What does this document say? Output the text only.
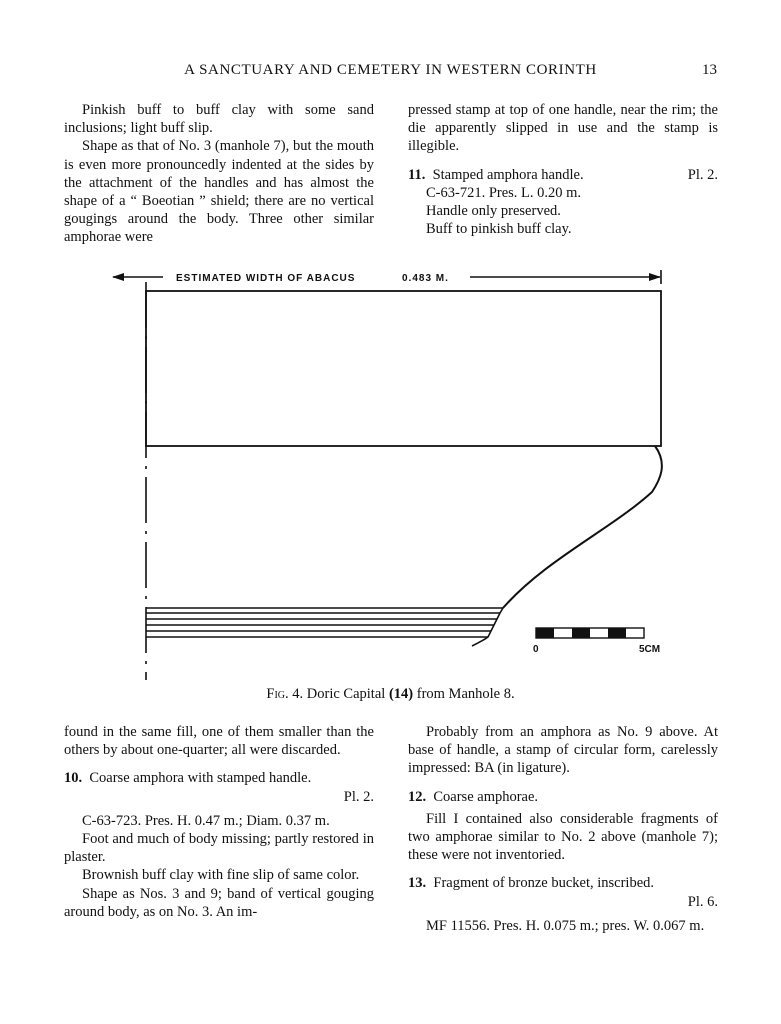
A SANCTUARY AND CEMETERY IN WESTERN CORINTH	13

Pinkish buff to buff clay with some sand inclusions; light buff slip.

Shape as that of No. 3 (manhole 7), but the mouth is even more pronouncedly indented at the sides by the attachment of the handles and has almost the shape of a “ Boeotian ” shield; there are no vertical gougings around the body. Three other similar amphorae were

pressed stamp at top of one handle, near the rim; the die apparently slipped in use and the stamp is illegible.

11. Stamped amphora handle.	Pl. 2.

C-63-721. Pres. L. 0.20 m.

Handle only preserved.

Buff to pinkish buff clay.

ESTIMATED WIDTH OF ABACUS	0.483 M.
0	5CM
Fig. 4. Doric Capital (14) from Manhole 8.

found in the same fill, one of them smaller than the others by about one-quarter; all were discarded.

10. Coarse amphora with stamped handle.

Pl. 2.

C-63-723. Pres. H. 0.47 m.; Diam. 0.37 m.

Foot and much of body missing; partly restored in plaster.

Brownish buff clay with fine slip of same color.

Shape as Nos. 3 and 9; band of vertical gouging around body, as on No. 3. An im-

Probably from an amphora as No. 9 above. At base of handle, a stamp of circular form, carelessly impressed: ΒΑ (in ligature).

12. Coarse amphorae.

Fill I contained also considerable fragments of two amphorae similar to No. 2 above (manhole 7); these were not inventoried.

13. Fragment of bronze bucket, inscribed.

Pl. 6.

MF 11556. Pres. H. 0.075 m.; pres. W. 0.067 m.
